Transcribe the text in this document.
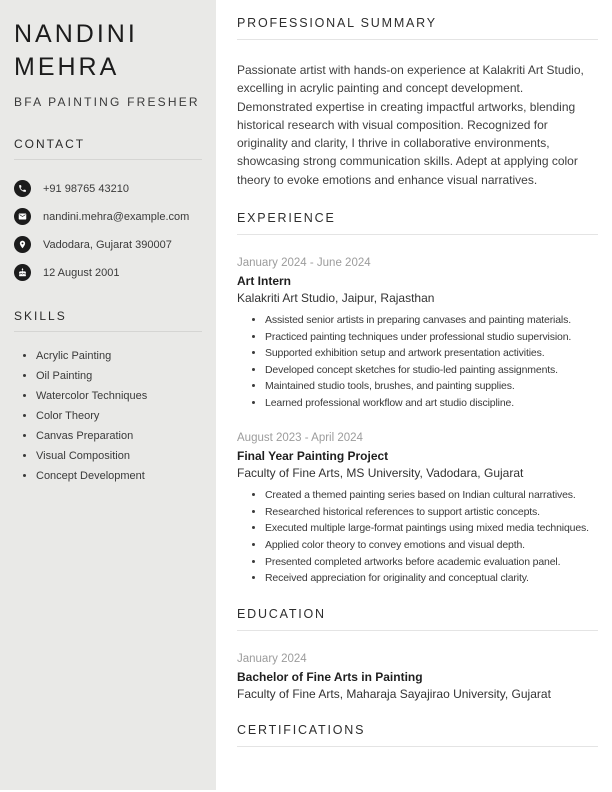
NANDINI
MEHRA
BFA PAINTING FRESHER
CONTACT
+91 98765 43210
nandini.mehra@example.com
Vadodara, Gujarat 390007
12 August 2001
SKILLS
• Acrylic Painting
• Oil Painting
• Watercolor Techniques
• Color Theory
• Canvas Preparation
• Visual Composition
• Concept Development
PROFESSIONAL SUMMARY

Passionate artist with hands-on experience at Kalakriti Art Studio, excelling in acrylic painting and concept development. Demonstrated expertise in creating impactful artworks, blending historical research with visual composition. Recognized for originality and clarity, I thrive in collaborative environments, showcasing strong communication skills. Adept at applying color theory to evoke emotions and enhance visual narratives.

EXPERIENCE
January 2024 - June 2024
Art Intern
Kalakriti Art Studio, Jaipur, Rajasthan
• Assisted senior artists in preparing canvases and painting materials.
• Practiced painting techniques under professional studio supervision.
• Supported exhibition setup and artwork presentation activities.
• Developed concept sketches for studio-led painting assignments.
• Maintained studio tools, brushes, and painting supplies.
• Learned professional workflow and art studio discipline.
August 2023 - April 2024
Final Year Painting Project
Faculty of Fine Arts, MS University, Vadodara, Gujarat
• Created a themed painting series based on Indian cultural narratives.
• Researched historical references to support artistic concepts.
• Executed multiple large-format paintings using mixed media techniques.
• Applied color theory to convey emotions and visual depth.
• Presented completed artworks before academic evaluation panel.
• Received appreciation for originality and conceptual clarity.
EDUCATION
January 2024
Bachelor of Fine Arts in Painting
Faculty of Fine Arts, Maharaja Sayajirao University, Gujarat
CERTIFICATIONS
